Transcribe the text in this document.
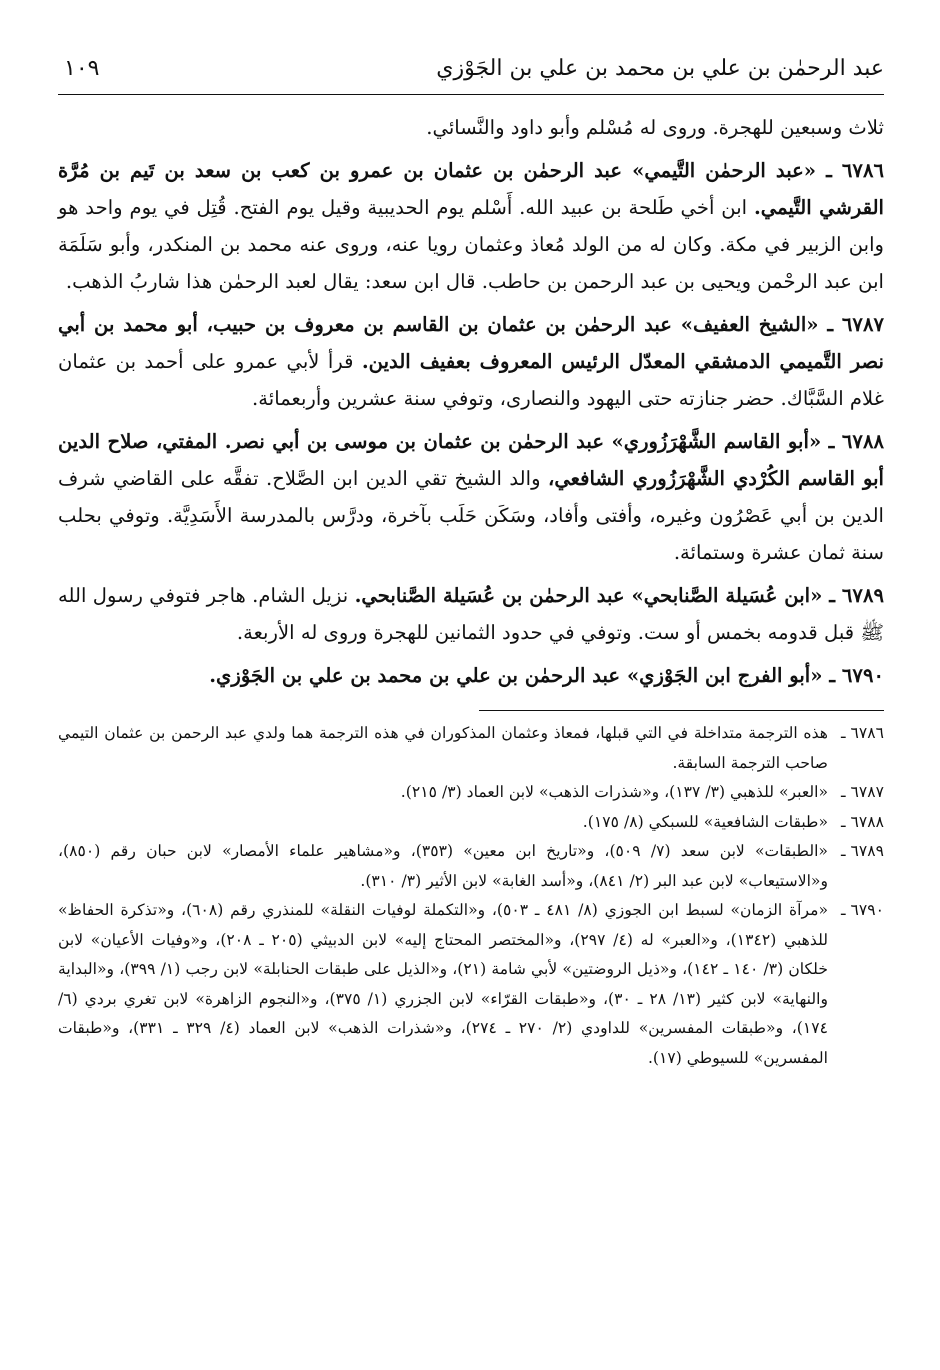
عبد الرحمٰن بن علي بن محمد بن علي بن الجَوْزي
١٠٩

ثلاث وسبعين للهجرة. وروى له مُسْلم وأبو داود والنَّسائي.

٦٧٨٦ ـ «عبد الرحمٰن التَّيمي» عبد الرحمٰن بن عثمان بن عمرو بن كعب بن سعد بن تَيم بن مُرَّة القرشي التَّيمي. ابن أخي طَلحة بن عبيد الله. أَسْلم يوم الحديبية وقيل يوم الفتح. قُتِل في يوم واحد هو وابن الزبير في مكة. وكان له من الولد مُعاذ وعثمان رويا عنه، وروى عنه محمد بن المنكدر، وأبو سَلَمَة ابن عبد الرحْمن ويحيى بن عبد الرحمن بن حاطب. قال ابن سعد: يقال لعبد الرحمٰن هذا شاربُ الذهب.

٦٧٨٧ ـ «الشيخ العفيف» عبد الرحمٰن بن عثمان بن القاسم بن معروف بن حبيب، أبو محمد بن أبي نصر التَّميمي الدمشقي المعدّل الرئيس المعروف بعفيف الدين. قرأ لأبي عمرو على أحمد بن عثمان غلام السَّبَّاك. حضر جنازته حتى اليهود والنصارى، وتوفي سنة عشرين وأربعمائة.

٦٧٨٨ ـ «أبو القاسم الشَّهْرَزُوري» عبد الرحمٰن بن عثمان بن موسى بن أبي نصر. المفتي، صلاح الدين أبو القاسم الكُرْدي الشَّهْرَزُوري الشافعي، والد الشيخ تقي الدين ابن الصَّلاح. تفقَّه على القاضي شرف الدين بن أبي عَصْرُون وغيره، وأفتى وأفاد، وسَكَن حَلَب بآخرة، ودرَّس بالمدرسة الأَسَدِيَّة. وتوفي بحلب سنة ثمان عشرة وستمائة.

٦٧٨٩ ـ «ابن عُسَيلة الصَّنابحي» عبد الرحمٰن بن عُسَيلة الصَّنابحي. نزيل الشام. هاجر فتوفي رسول الله ﷺ قبل قدومه بخمس أو ست. وتوفي في حدود الثمانين للهجرة وروى له الأربعة.

٦٧٩٠ ـ «أبو الفرج ابن الجَوْزي» عبد الرحمٰن بن علي بن محمد بن علي بن الجَوْزي.

٦٧٨٦ ـ
هذه الترجمة متداخلة في التي قبلها، فمعاذ وعثمان المذكوران في هذه الترجمة هما ولدي عبد الرحمن بن عثمان التيمي صاحب الترجمة السابقة.
٦٧٨٧ ـ
«العبر» للذهبي (٣/ ١٣٧)، و«شذرات الذهب» لابن العماد (٣/ ٢١٥).
٦٧٨٨ ـ
«طبقات الشافعية» للسبكي (٨/ ١٧٥).
٦٧٨٩ ـ
«الطبقات» لابن سعد (٧/ ٥٠٩)، و«تاريخ ابن معين» (٣٥٣)، و«مشاهير علماء الأمصار» لابن حبان رقم (٨٥٠)، و«الاستيعاب» لابن عبد البر (٢/ ٨٤١)، و«أسد الغابة» لابن الأثير (٣/ ٣١٠).
٦٧٩٠ ـ
«مرآة الزمان» لسبط ابن الجوزي (٨/ ٤٨١ ـ ٥٠٣)، و«التكملة لوفيات النقلة» للمنذري رقم (٦٠٨)، و«تذكرة الحفاظ» للذهبي (١٣٤٢)، و«العبر» له (٤/ ٢٩٧)، و«المختصر المحتاج إليه» لابن الدبيثي (٢٠٥ ـ ٢٠٨)، و«وفيات الأعيان» لابن خلكان (٣/ ١٤٠ ـ ١٤٢)، و«ذيل الروضتين» لأبي شامة (٢١)، و«الذيل على طبقات الحنابلة» لابن رجب (١/ ٣٩٩)، و«البداية والنهاية» لابن كثير (١٣/ ٢٨ ـ ٣٠)، و«طبقات القرّاء» لابن الجزري (١/ ٣٧٥)، و«النجوم الزاهرة» لابن تغري بردي (٦/ ١٧٤)، و«طبقات المفسرين» للداودي (٢/ ٢٧٠ ـ ٢٧٤)، و«شذرات الذهب» لابن العماد (٤/ ٣٢٩ ـ ٣٣١)، و«طبقات المفسرين» للسيوطي (١٧).
